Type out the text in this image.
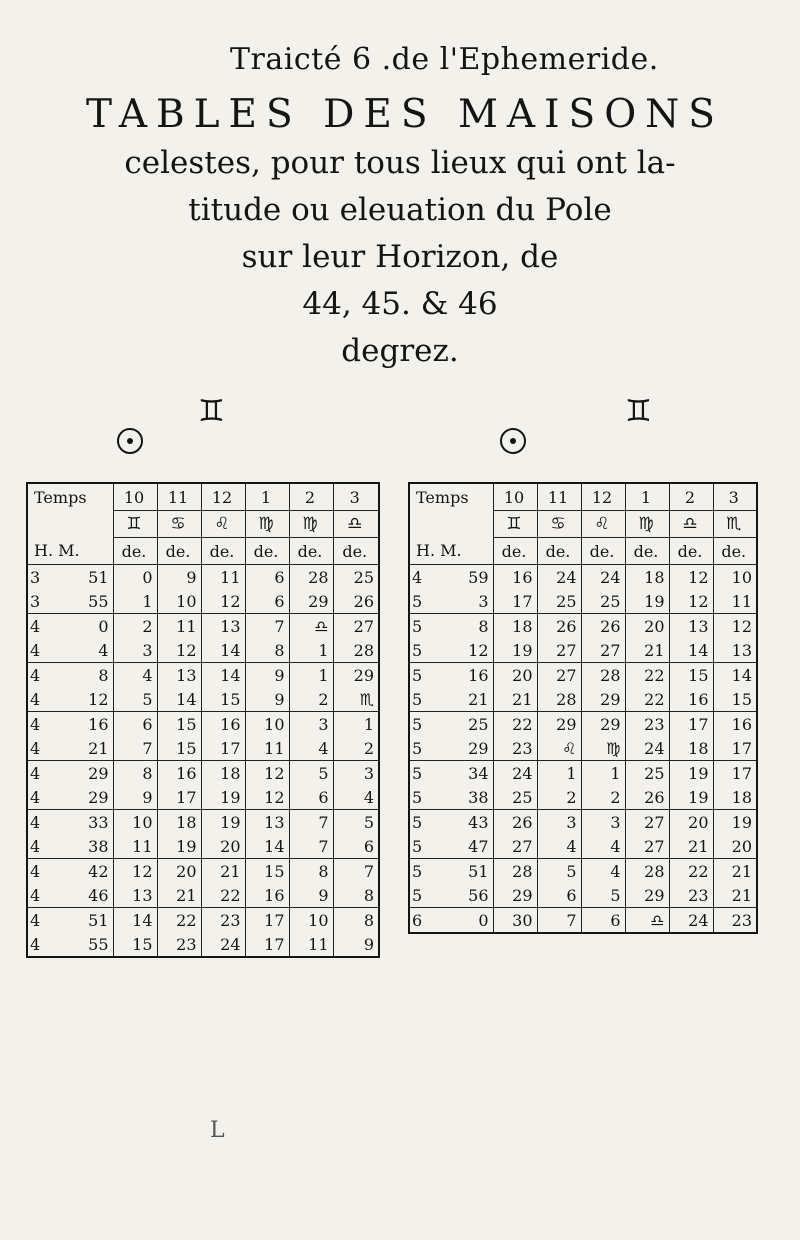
Traicté 6 .de l'Ephemeride.
TABLES DES MAISONS
celestes, pour tous lieux qui ont la-
titude ou eleuation du Pole
sur leur Horizon, de
44, 45. & 46
degrez.
♊	♊
Temps		10	11	12	1	2	3
		♊	♋	♌	♍	♍	♎
H. M.		de.	de.	de.	de.	de.	de.
3	51	0	9	11	6	28	25
3	55	1	10	12	6	29	26
4	0	2	11	13	7	♎	27
4	4	3	12	14	8	1	28
4	8	4	13	14	9	1	29
4	12	5	14	15	9	2	♏
4	16	6	15	16	10	3	1
4	21	7	15	17	11	4	2
4	29	8	16	18	12	5	3
4	29	9	17	19	12	6	4
4	33	10	18	19	13	7	5
4	38	11	19	20	14	7	6
4	42	12	20	21	15	8	7
4	46	13	21	22	16	9	8
4	51	14	22	23	17	10	8
4	55	15	23	24	17	11	9
Temps		10	11	12	1	2	3
		♊	♋	♌	♍	♎	♏
H. M.		de.	de.	de.	de.	de.	de.
4	59	16	24	24	18	12	10
5	3	17	25	25	19	12	11
5	8	18	26	26	20	13	12
5	12	19	27	27	21	14	13
5	16	20	27	28	22	15	14
5	21	21	28	29	22	16	15
5	25	22	29	29	23	17	16
5	29	23	♌	♍	24	18	17
5	34	24	1	1	25	19	17
5	38	25	2	2	26	19	18
5	43	26	3	3	27	20	19
5	47	27	4	4	27	21	20
5	51	28	5	4	28	22	21
5	56	29	6	5	29	23	21
6	0	30	7	6	♎	24	23
L
